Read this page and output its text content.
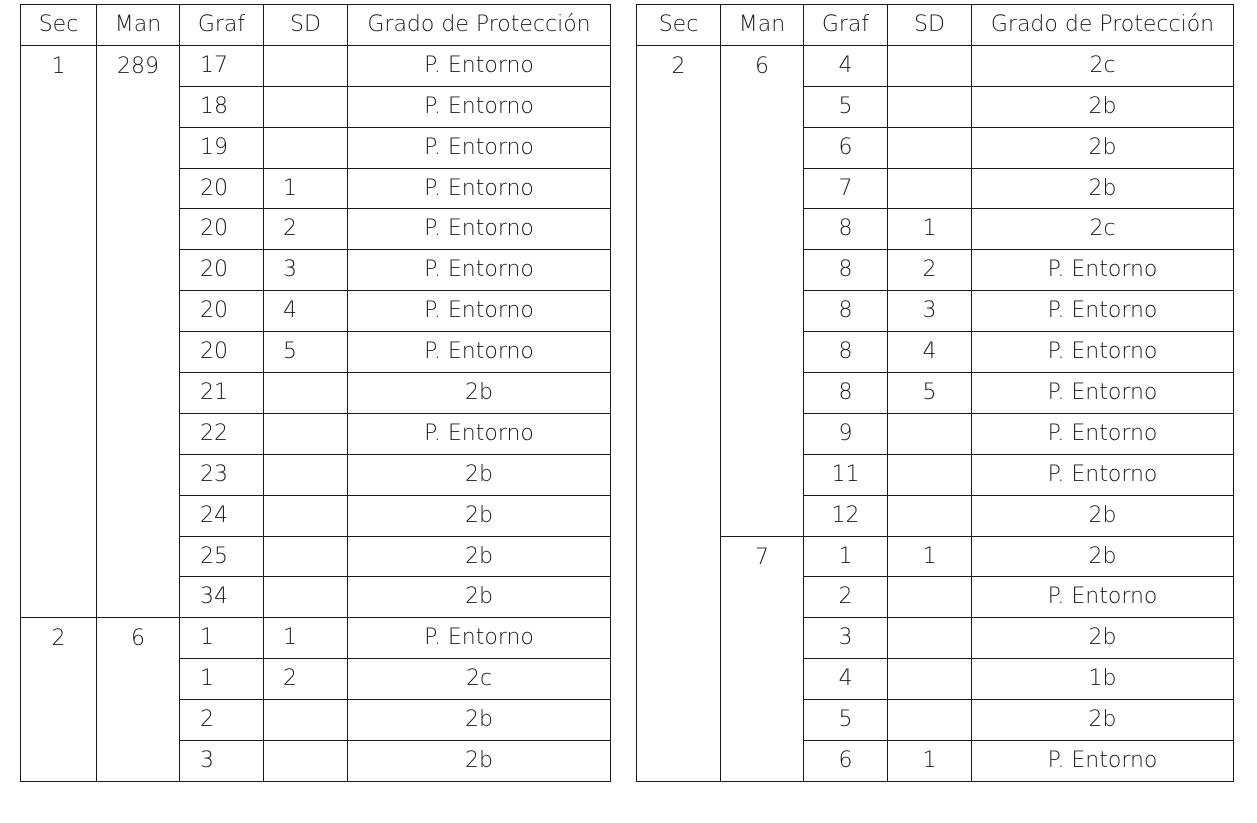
Sec	Man	Graf	SD	Grado de Protección
1	289	17		P. Entorno
		18		P. Entorno
		19		P. Entorno
		20	1	P. Entorno
		20	2	P. Entorno
		20	3	P. Entorno
		20	4	P. Entorno
		20	5	P. Entorno
		21		2b
		22		P. Entorno
		23		2b
		24		2b
		25		2b
		34		2b
2	6	1	1	P. Entorno
		1	2	2c
		2		2b
		3		2b
Sec	Man	Graf	SD	Grado de Protección
2	6	4		2c
		5		2b
		6		2b
		7		2b
		8	1	2c
		8	2	P. Entorno
		8	3	P. Entorno
		8	4	P. Entorno
		8	5	P. Entorno
		9		P. Entorno
		11		P. Entorno
		12		2b
	7	1	1	2b
		2		P. Entorno
		3		2b
		4		1b
		5		2b
		6	1	P. Entorno
